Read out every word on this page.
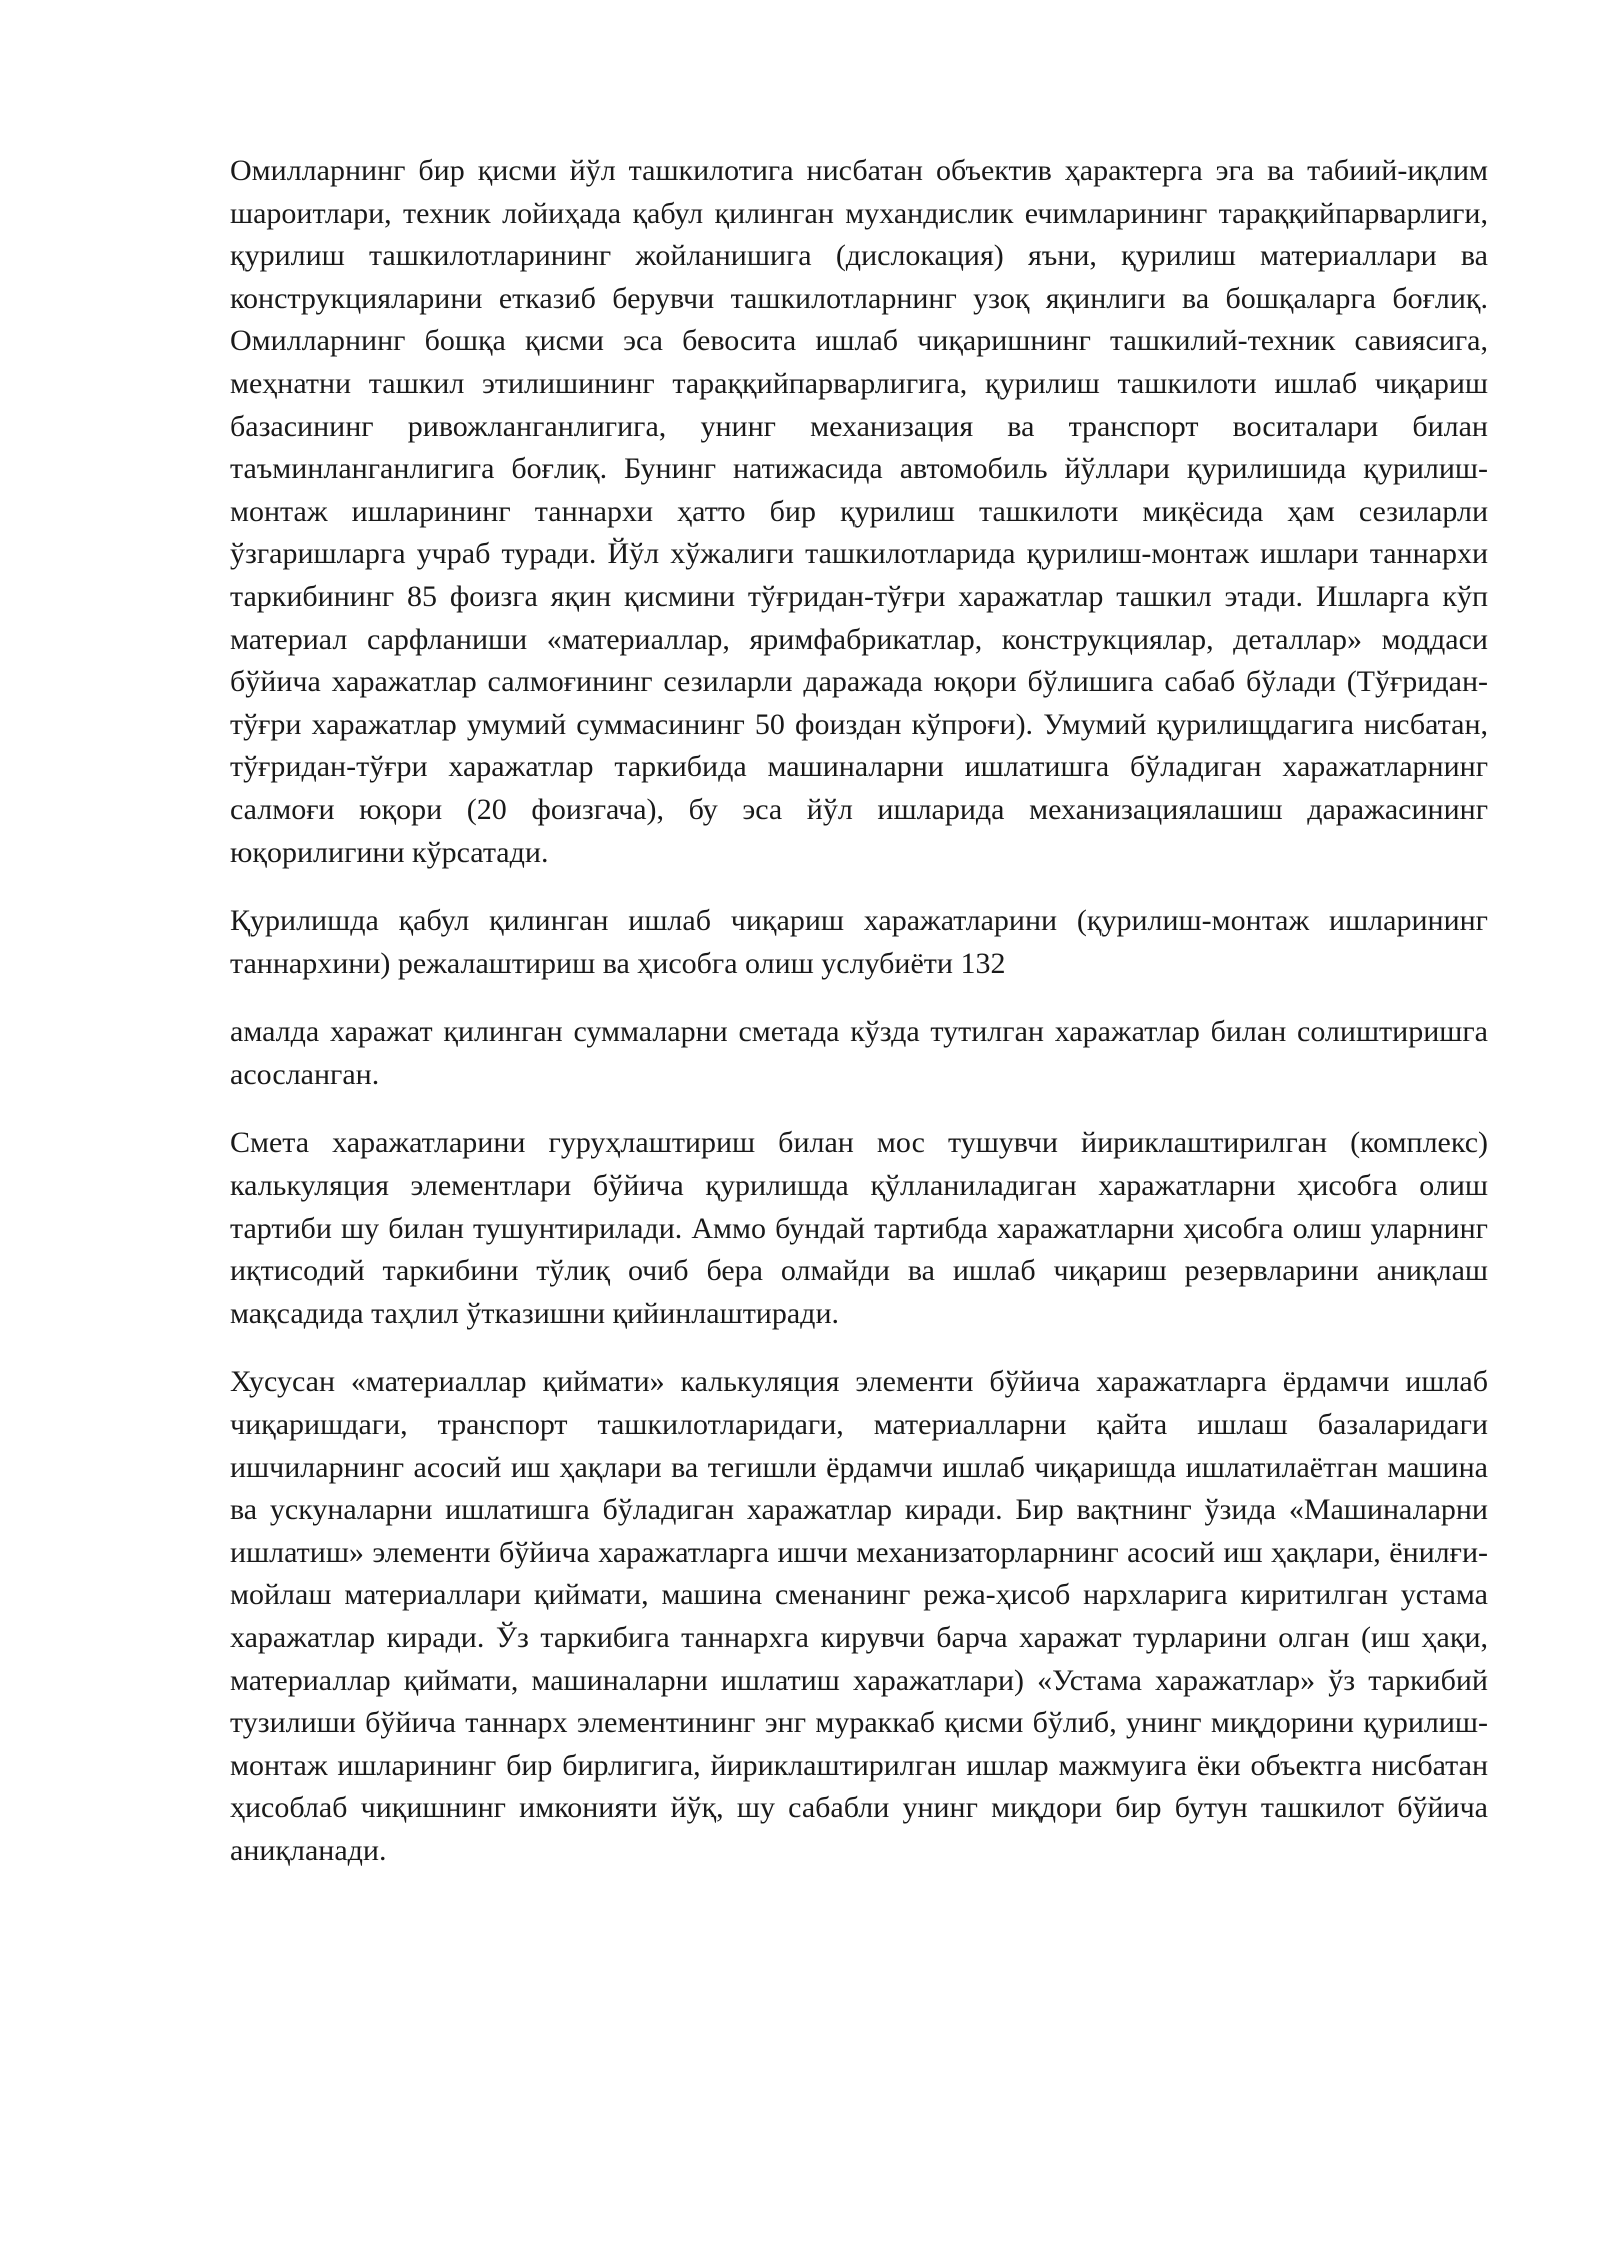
Омилларнинг бир қисми йўл ташкилотига нисбатан объектив ҳарактерга эга ва табиий-иқлим шароитлари, техник лойиҳада қабул қилинган мухандислик ечимларининг тараққийпарварлиги, қурилиш ташкилотларининг жойланишига (дислокация) яъни, қурилиш материаллари ва конструкцияларини етказиб берувчи ташкилотларнинг узоқ яқинлиги ва бошқаларга боғлиқ. Омилларнинг бошқа қисми эса бевосита ишлаб чиқаришнинг ташкилий-техник савиясига, меҳнатни ташкил этилишининг тараққийпарварлигига, қурилиш ташкилоти ишлаб чиқариш базасининг ривожланганлигига, унинг механизация ва транспорт воситалари билан таъминланганлигига боғлиқ. Бунинг натижасида автомобиль йўллари қурилишида қурилиш-монтаж ишларининг таннархи ҳатто бир қурилиш ташкилоти миқёсида ҳам сезиларли ўзгаришларга учраб туради. Йўл хўжалиги ташкилотларида қурилиш-монтаж ишлари таннархи таркибининг 85 фоизга яқин қисмини тўғридан-тўғри харажатлар ташкил этади. Ишларга кўп материал сарфланиши «материаллар, яримфабрикатлар, конструкциялар, деталлар» моддаси бўйича харажатлар салмоғининг сезиларли даражада юқори бўлишига сабаб бўлади (Тўғридан-тўғри харажатлар умумий суммасининг 50 фоиздан кўпроғи). Умумий қурилищдагига нисбатан, тўғридан-тўғри харажатлар таркибида машиналарни ишлатишга бўладиган харажатларнинг салмоғи юқори (20 фоизгача), бу эса йўл ишларида механизациялашиш даражасининг юқорилигини кўрсатади.

Қурилишда қабул қилинган ишлаб чиқариш харажатларини (қурилиш-монтаж ишларининг таннархини) режалаштириш ва ҳисобга олиш услубиёти 132

амалда харажат қилинган суммаларни сметада кўзда тутилган харажатлар билан солиштиришга асосланган.

Смета харажатларини гуруҳлаштириш билан мос тушувчи йириклаштирилган (комплекс) калькуляция элементлари бўйича қурилишда қўлланиладиган харажатларни ҳисобга олиш тартиби шу билан тушунтирилади. Аммо бундай тартибда харажатларни ҳисобга олиш уларнинг иқтисодий таркибини тўлиқ очиб бера олмайди ва ишлаб чиқариш резервларини аниқлаш мақсадида таҳлил ўтказишни қийинлаштиради.

Хусусан «материаллар қиймати» калькуляция элементи бўйича харажатларга ёрдамчи ишлаб чиқаришдаги, транспорт ташкилотларидаги, материалларни қайта ишлаш базаларидаги ишчиларнинг асосий иш ҳақлари ва тегишли ёрдамчи ишлаб чиқаришда ишлатилаётган машина ва ускуналарни ишлатишга бўладиган харажатлар киради. Бир вақтнинг ўзида «Машиналарни ишлатиш» элементи бўйича харажатларга ишчи механизаторларнинг асосий иш ҳақлари, ёнилғи-мойлаш материаллари қиймати, машина сменанинг режа-ҳисоб нархларига киритилган устама харажатлар киради. Ўз таркибига таннархга кирувчи барча харажат турларини олган (иш ҳақи, материаллар қиймати, машиналарни ишлатиш харажатлари) «Устама харажатлар» ўз таркибий тузилиши бўйича таннарх элементининг энг мураккаб қисми бўлиб, унинг миқдорини қурилиш-монтаж ишларининг бир бирлигига, йириклаштирилган ишлар мажмуига ёки объектга нисбатан ҳисоблаб чиқишнинг имконияти йўқ, шу сабабли унинг миқдори бир бутун ташкилот бўйича аниқланади.
